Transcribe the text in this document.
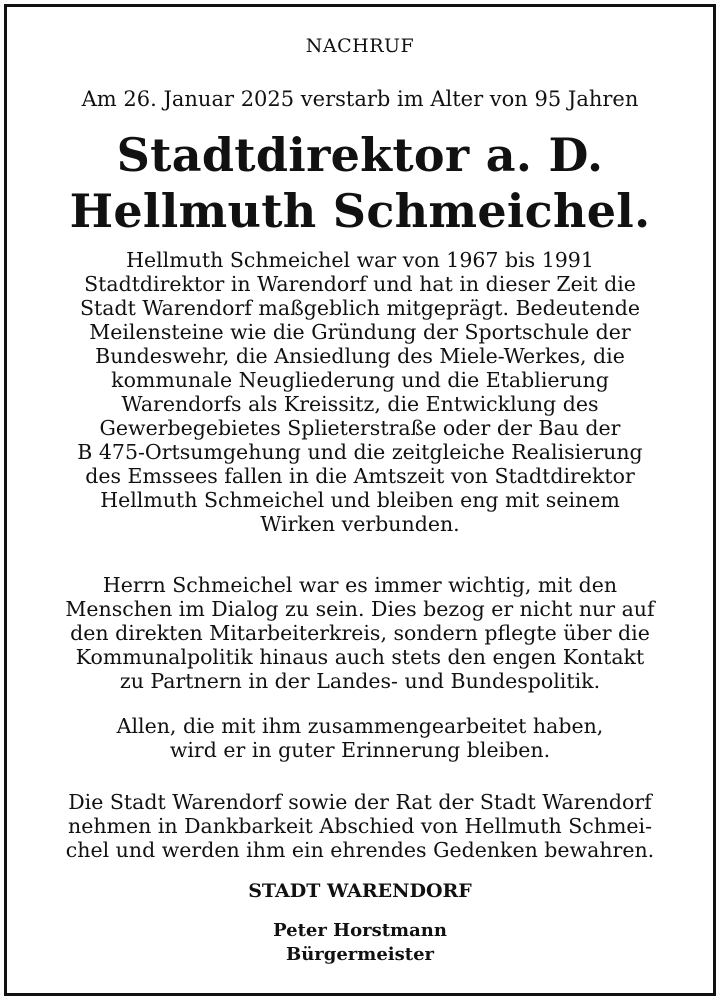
NACHRUF
Am 26. Januar 2025 verstarb im Alter von 95 Jahren
Stadtdirektor a. D.
Hellmuth Schmeichel.
Hellmuth Schmeichel war von 1967 bis 1991
Stadtdirektor in Warendorf und hat in dieser Zeit die
Stadt Warendorf maßgeblich mitgeprägt. Bedeutende
Meilensteine wie die Gründung der Sportschule der
Bundeswehr, die Ansiedlung des Miele-Werkes, die
kommunale Neugliederung und die Etablierung
Warendorfs als Kreissitz, die Entwicklung des
Gewerbegebietes Splieterstraße oder der Bau der
B 475-Ortsumgehung und die zeitgleiche Realisierung
des Emssees fallen in die Amtszeit von Stadtdirektor
Hellmuth Schmeichel und bleiben eng mit seinem
Wirken verbunden.
Herrn Schmeichel war es immer wichtig, mit den
Menschen im Dialog zu sein. Dies bezog er nicht nur auf
den direkten Mitarbeiterkreis, sondern pflegte über die
Kommunalpolitik hinaus auch stets den engen Kontakt
zu Partnern in der Landes- und Bundespolitik.
Allen, die mit ihm zusammengearbeitet haben,
wird er in guter Erinnerung bleiben.
Die Stadt Warendorf sowie der Rat der Stadt Warendorf
nehmen in Dankbarkeit Abschied von Hellmuth Schmei-
chel und werden ihm ein ehrendes Gedenken bewahren.
STADT WARENDORF
Peter Horstmann
Bürgermeister
